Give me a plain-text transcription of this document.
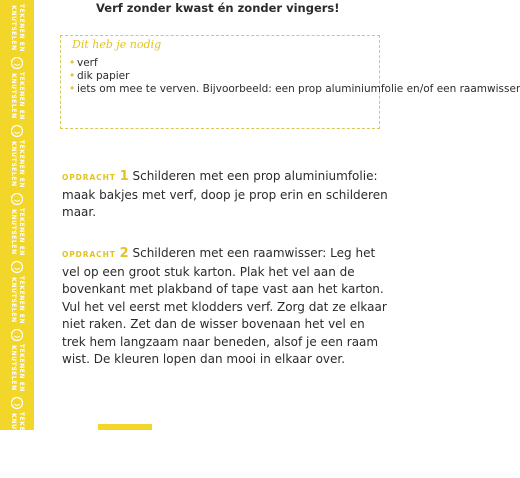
TEKENEN EN
KNUTSELEN
TEKENEN EN
KNUTSELEN
TEKENEN EN
KNUTSELEN
TEKENEN EN
KNUTSELEN
TEKENEN EN
KNUTSELEN
TEKENEN EN
KNUTSELEN
TEKENEN EN
KNUTSELEN
Verf zonder kwast én zonder vingers!
Dit heb je nodig
• verf
• dik papier
• iets om mee te verven. Bijvoorbeeld: een prop aluminiumfolie en/of een raamwisser
OPDRACHT 1 Schilderen met een prop aluminiumfolie: maak bakjes met verf, doop je prop erin en schilderen maar.
OPDRACHT 2 Schilderen met een raamwisser: Leg het vel op een groot stuk karton. Plak het vel aan de bovenkant met plakband of tape vast aan het karton. Vul het vel eerst met klodders verf. Zorg dat ze elkaar niet raken. Zet dan de wisser bovenaan het vel en trek hem langzaam naar beneden, alsof je een raam wist. De kleuren lopen dan mooi in elkaar over.
